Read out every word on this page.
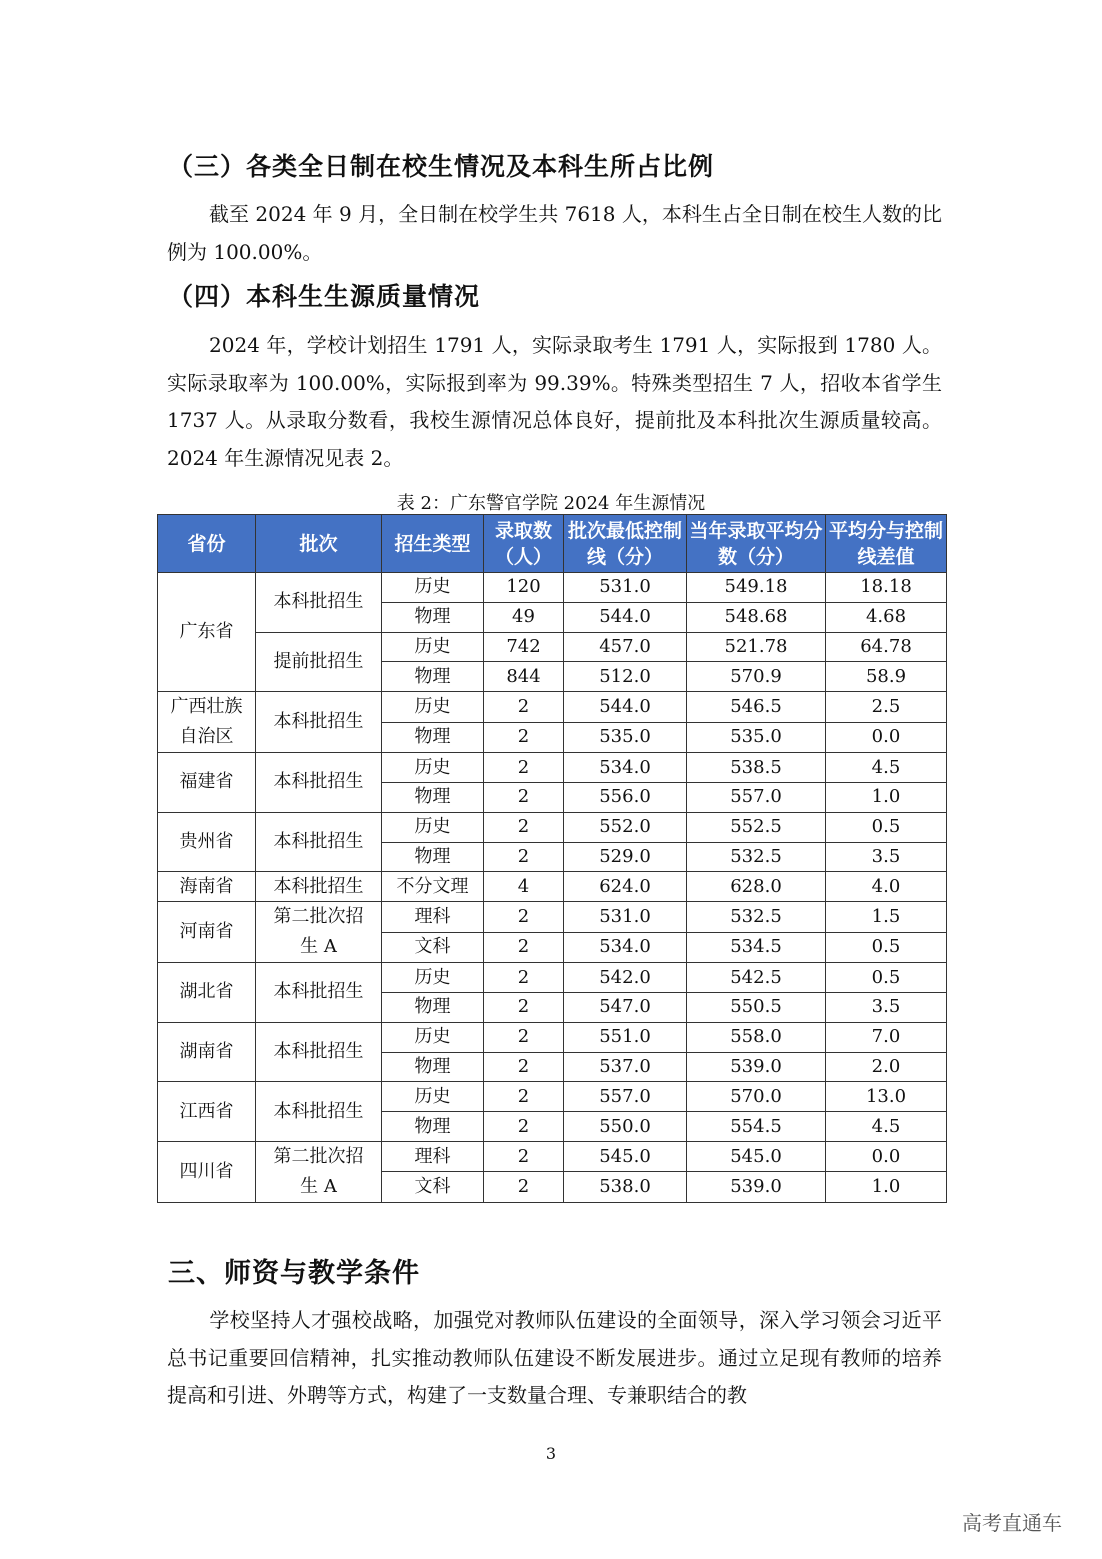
（三）各类全日制在校生情况及本科生所占比例

截至 2024 年 9 月，全日制在校学生共 7618 人，本科生占全日制在校生人数的比例为 100.00%。

（四）本科生生源质量情况

2024 年，学校计划招生 1791 人，实际录取考生 1791 人，实际报到 1780 人。实际录取率为 100.00%，实际报到率为 99.39%。特殊类型招生 7 人，招收本省学生 1737 人。从录取分数看，我校生源情况总体良好，提前批及本科批次生源质量较高。2024 年生源情况见表 2。

表 2：广东警官学院 2024 年生源情况
省份	批次	招生类型	录取数（人）	批次最低控制线（分）	当年录取平均分数（分）	平均分与控制线差值
广东省	本科批招生	历史	120	531.0	549.18	18.18
		物理	49	544.0	548.68	4.68
	提前批招生	历史	742	457.0	521.78	64.78
		物理	844	512.0	570.9	58.9
广西壮族自治区	本科批招生	历史	2	544.0	546.5	2.5
		物理	2	535.0	535.0	0.0
福建省	本科批招生	历史	2	534.0	538.5	4.5
		物理	2	556.0	557.0	1.0
贵州省	本科批招生	历史	2	552.0	552.5	0.5
		物理	2	529.0	532.5	3.5
海南省	本科批招生	不分文理	4	624.0	628.0	4.0
河南省	第二批次招生 A	理科	2	531.0	532.5	1.5
		文科	2	534.0	534.5	0.5
湖北省	本科批招生	历史	2	542.0	542.5	0.5
		物理	2	547.0	550.5	3.5
湖南省	本科批招生	历史	2	551.0	558.0	7.0
		物理	2	537.0	539.0	2.0
江西省	本科批招生	历史	2	557.0	570.0	13.0
		物理	2	550.0	554.5	4.5
四川省	第二批次招生 A	理科	2	545.0	545.0	0.0
		文科	2	538.0	539.0	1.0
三、师资与教学条件

学校坚持人才强校战略，加强党对教师队伍建设的全面领导，深入学习领会习近平总书记重要回信精神，扎实推动教师队伍建设不断发展进步。通过立足现有教师的培养提高和引进、外聘等方式，构建了一支数量合理、专兼职结合的教

3
高考直通车
